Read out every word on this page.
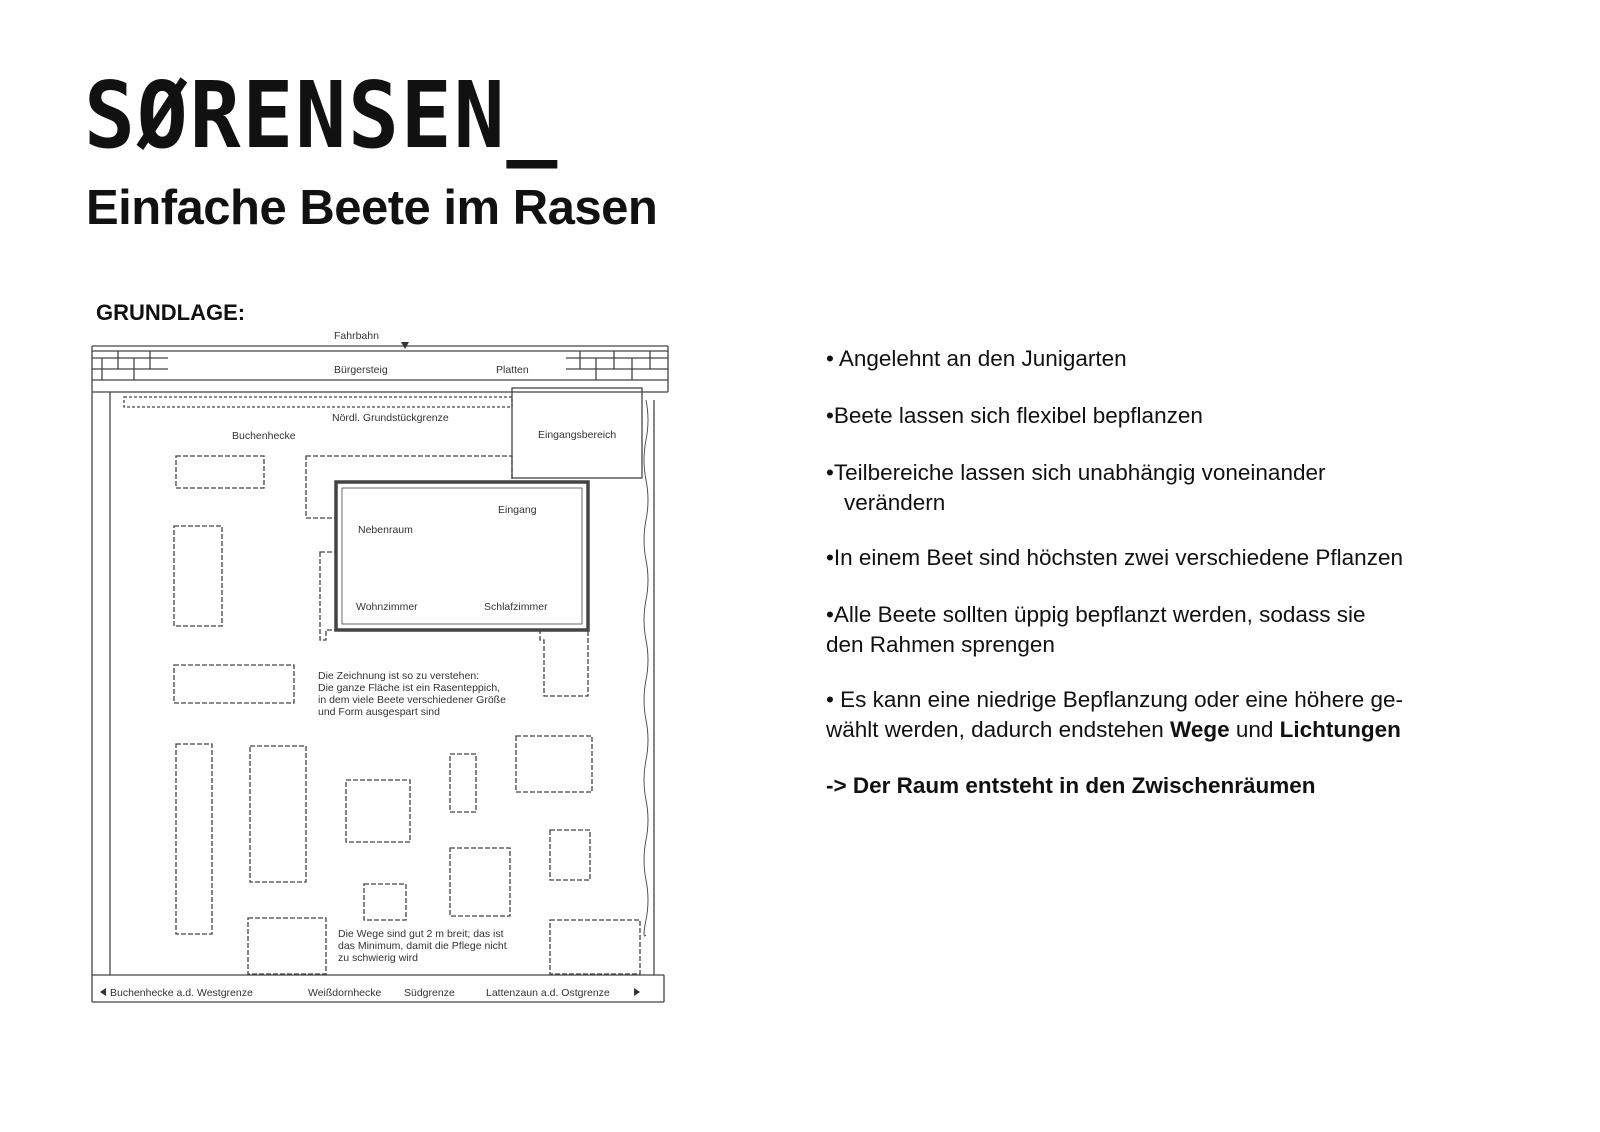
SØRENSEN_
Einfache Beete im Rasen
GRUNDLAGE:
Fahrbahn
Bürgersteig	Platten
Nördl. Grundstückgrenze
Buchenhecke	Eingangsbereich
Eingang
Nebenraum
Wohnzimmer	Schlafzimmer
Die Zeichnung ist so zu verstehen:
Die ganze Fläche ist ein Rasenteppich,
in dem viele Beete verschiedener Größe
und Form ausgespart sind
Die Wege sind gut 2 m breit; das ist
das Minimum, damit die Pflege nicht
zu schwierig wird
Buchenhecke a.d. Westgrenze	Weißdornhecke Südgrenze	Lattenzaun a.d. Ostgrenze
• Angelehnt an den Junigarten
•Beete lassen sich flexibel bepflanzen
•Teilbereiche lassen sich unabhängig voneinander
verändern
•In einem Beet sind höchsten zwei verschiedene Pflanzen
•Alle Beete sollten üppig bepflanzt werden, sodass sie
den Rahmen sprengen
• Es kann eine niedrige Bepflanzung oder eine höhere ge-
wählt werden, dadurch endstehen Wege und Lichtungen
-> Der Raum entsteht in den Zwischenräumen
